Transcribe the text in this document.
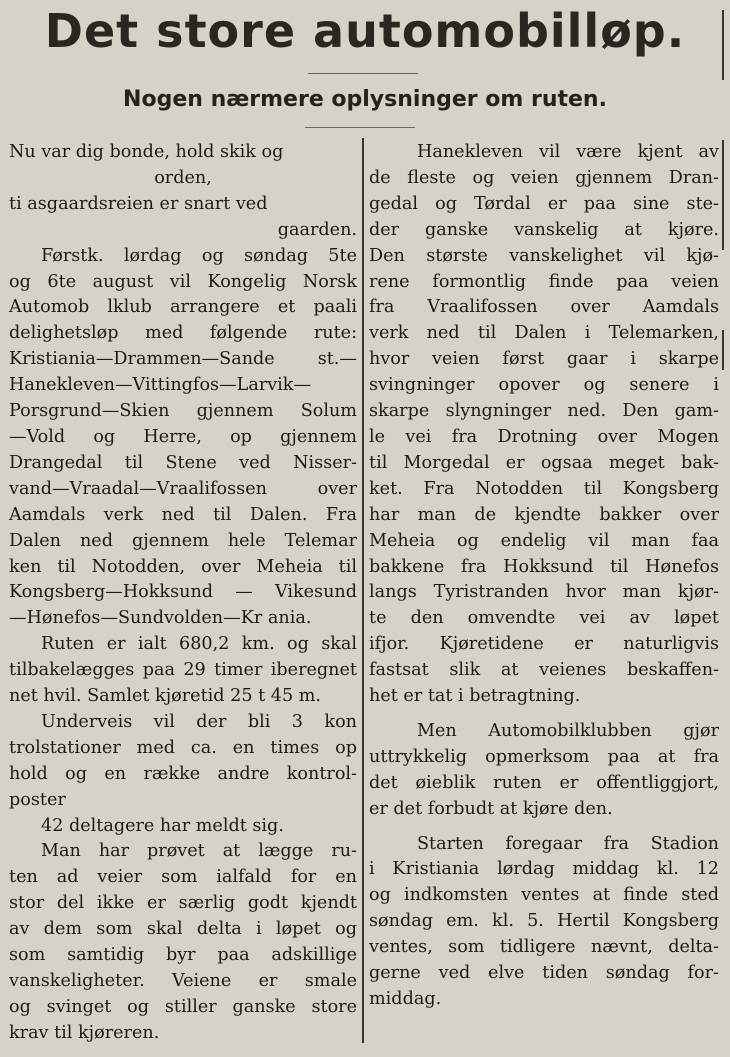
Det store automobilløp.
Nogen nærmere oplysninger om ruten.
Nu var dig bonde, hold skik og
orden,
ti asgaardsreien er snart ved
gaarden.
Førstk. lørdag og søndag 5te
og 6te august vil Kongelig Norsk
Automob lklub arrangere et paali
delighetsløp med følgende rute:
Kristiania—Drammen—Sande st.—
Hanekleven—Vittingfos—Larvik—
Porsgrund—Skien gjennem Solum
—Vold og Herre, op gjennem
Drangedal til Stene ved Nisser-
vand—Vraadal—Vraalifossen over
Aamdals verk ned til Dalen. Fra
Dalen ned gjennem hele Telemar
ken til Notodden, over Meheia til
Kongsberg—Hokksund — Vikesund
—Hønefos—Sundvolden—Kr ania.
Ruten er ialt 680,2 km. og skal
tilbakelægges paa 29 timer iberegnet
net hvil. Samlet kjøretid 25 t 45 m.
Underveis vil der bli 3 kon
trolstationer med ca. en times op
hold og en række andre kontrol-
poster
42 deltagere har meldt sig.
Man har prøvet at lægge ru-
ten ad veier som ialfald for en
stor del ikke er særlig godt kjendt
av dem som skal delta i løpet og
som samtidig byr paa adskillige
vanskeligheter. Veiene er smale
og svinget og stiller ganske store
krav til kjøreren.
Hanekleven vil være kjent av
de fleste og veien gjennem Dran-
gedal og Tørdal er paa sine ste-
der ganske vanskelig at kjøre.
Den største vanskelighet vil kjø-
rene formontlig finde paa veien
fra Vraalifossen over Aamdals
verk ned til Dalen i Telemarken,
hvor veien først gaar i skarpe
svingninger opover og senere i
skarpe slyngninger ned. Den gam-
le vei fra Drotning over Mogen
til Morgedal er ogsaa meget bak-
ket. Fra Notodden til Kongsberg
har man de kjendte bakker over
Meheia og endelig vil man faa
bakkene fra Hokksund til Hønefos
langs Tyristranden hvor man kjør-
te den omvendte vei av løpet
ifjor. Kjøretidene er naturligvis
fastsat slik at veienes beskaffen-
het er tat i betragtning.
Men Automobilklubben gjør
uttrykkelig opmerksom paa at fra
det øieblik ruten er offentliggjort,
er det forbudt at kjøre den.
Starten foregaar fra Stadion
i Kristiania lørdag middag kl. 12
og indkomsten ventes at finde sted
søndag em. kl. 5. Hertil Kongsberg
ventes, som tidligere nævnt, delta-
gerne ved elve tiden søndag for-
middag.
